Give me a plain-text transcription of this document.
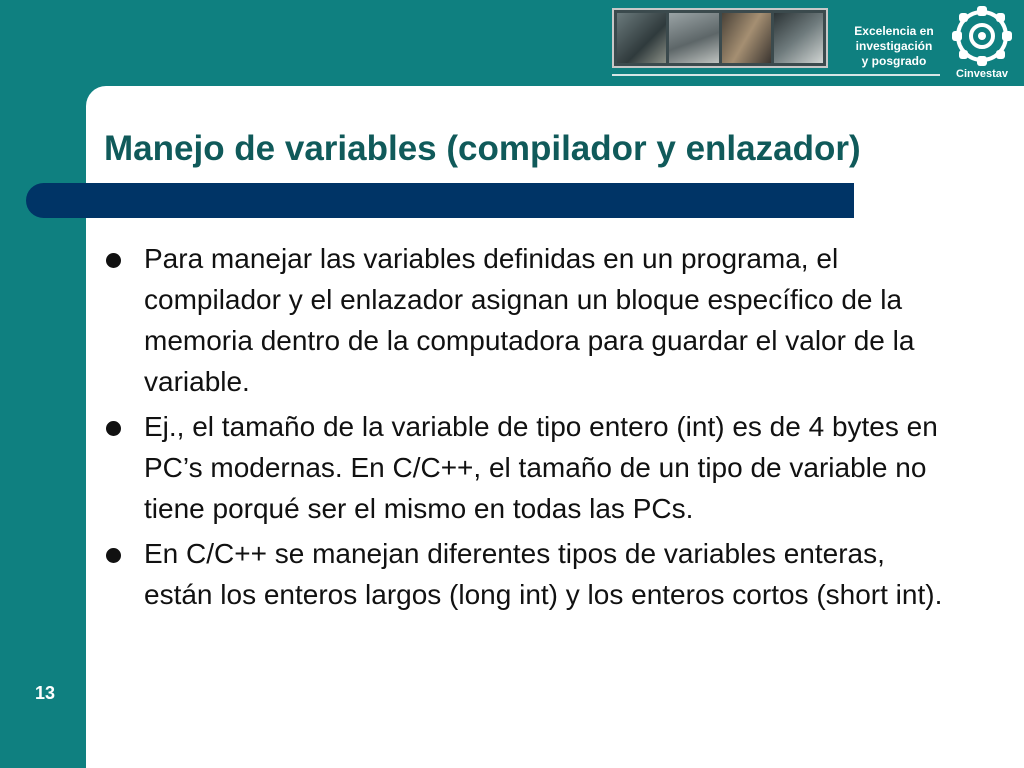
Excelencia en
investigación
y posgrado
Cinvestav
Manejo de variables (compilador y enlazador)
Para manejar las variables definidas en un programa, el compilador y el enlazador asignan un bloque específico de la memoria dentro de la computadora para guardar el valor de la variable.
Ej., el tamaño de la variable de tipo entero (int) es de 4 bytes en PC’s modernas. En C/C++, el tamaño de un tipo de variable no tiene porqué ser el mismo en todas las PCs.
En C/C++ se manejan diferentes tipos de variables enteras, están los enteros largos (long int) y los enteros cortos (short int).
13
